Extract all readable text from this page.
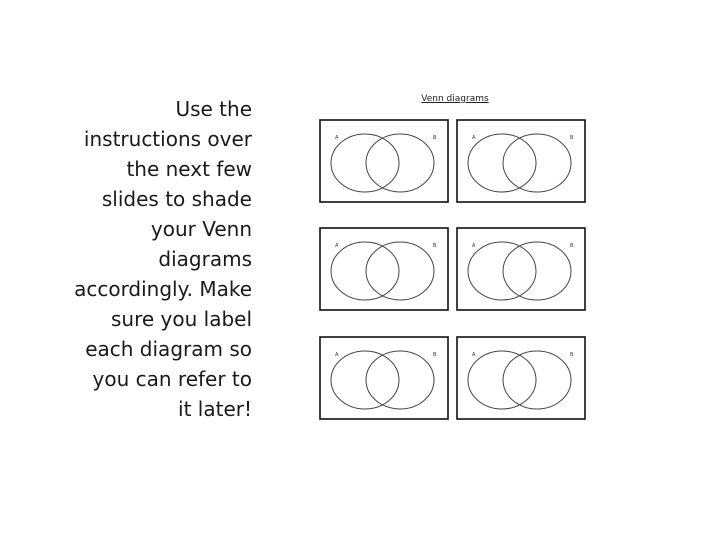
Use the
instructions over
the next few
slides to shade
your Venn
diagrams
accordingly. Make
sure you label
each diagram so
you can refer to
it later!

Venn diagrams
A	B	A	B
A	B	A	B
A	B	A	B
